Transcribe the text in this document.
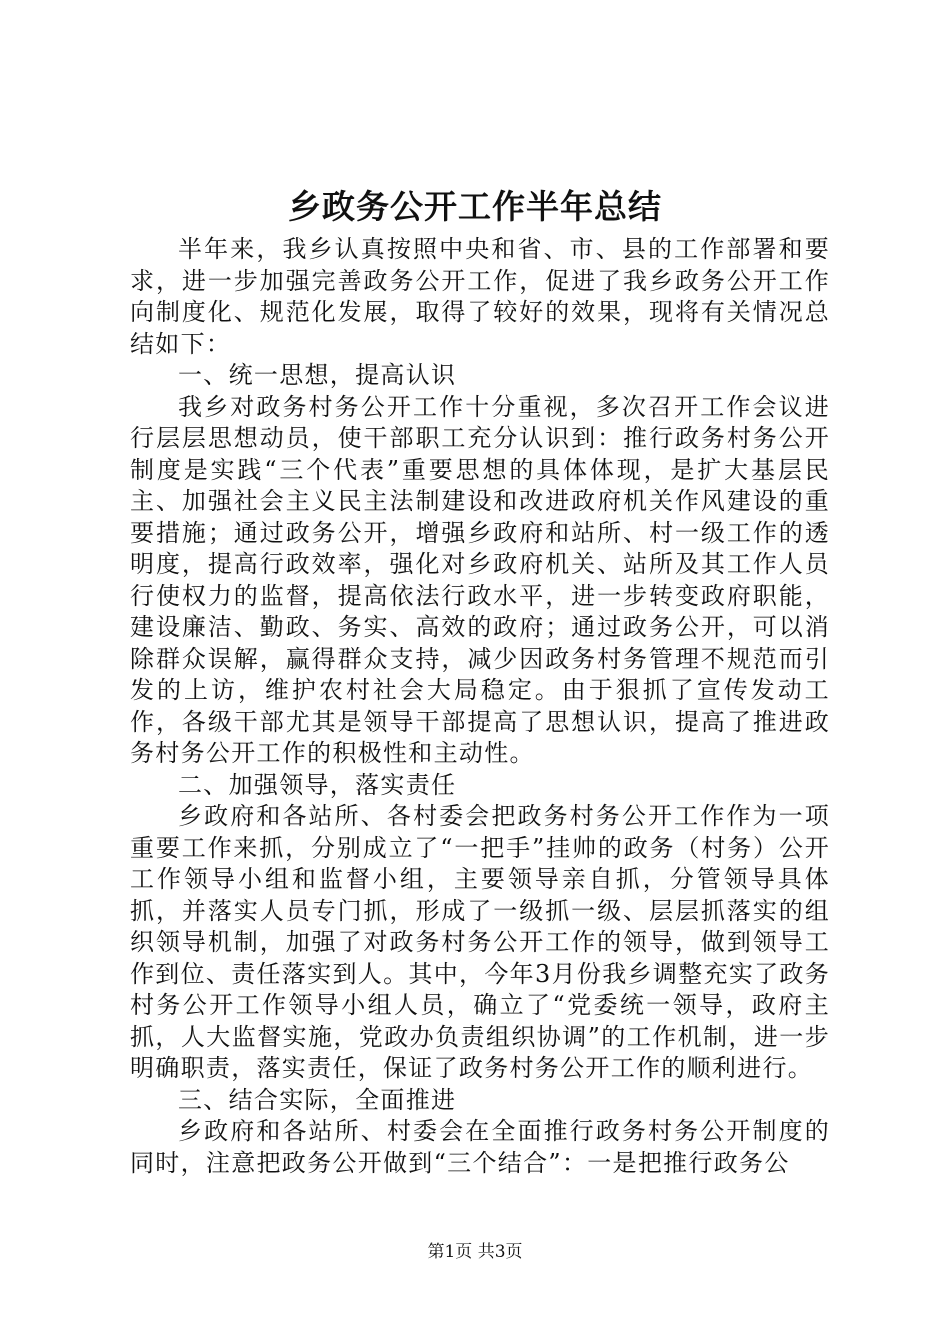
乡政务公开工作半年总结

半年来，我乡认真按照中央和省、市、县的工作部署和要求，进一步加强完善政务公开工作，促进了我乡政务公开工作向制度化、规范化发展，取得了较好的效果，现将有关情况总结如下：

一、统一思想，提高认识

我乡对政务村务公开工作十分重视，多次召开工作会议进行层层思想动员，使干部职工充分认识到：推行政务村务公开制度是实践“三个代表”重要思想的具体体现，是扩大基层民主、加强社会主义民主法制建设和改进政府机关作风建设的重要措施；通过政务公开，增强乡政府和站所、村一级工作的透明度，提高行政效率，强化对乡政府机关、站所及其工作人员行使权力的监督，提高依法行政水平，进一步转变政府职能，建设廉洁、勤政、务实、高效的政府；通过政务公开，可以消除群众误解，赢得群众支持，减少因政务村务管理不规范而引发的上访，维护农村社会大局稳定。由于狠抓了宣传发动工作，各级干部尤其是领导干部提高了思想认识，提高了推进政务村务公开工作的积极性和主动性。

二、加强领导，落实责任

乡政府和各站所、各村委会把政务村务公开工作作为一项重要工作来抓，分别成立了“一把手”挂帅的政务（村务）公开工作领导小组和监督小组，主要领导亲自抓，分管领导具体抓，并落实人员专门抓，形成了一级抓一级、层层抓落实的组织领导机制，加强了对政务村务公开工作的领导，做到领导工作到位、责任落实到人。其中，今年3月份我乡调整充实了政务村务公开工作领导小组人员，确立了“党委统一领导，政府主抓，人大监督实施，党政办负责组织协调”的工作机制，进一步明确职责，落实责任，保证了政务村务公开工作的顺利进行。

三、结合实际，全面推进

乡政府和各站所、村委会在全面推行政务村务公开制度的同时，注意把政务公开做到“三个结合”：一是把推行政务公

第1页 共3页
